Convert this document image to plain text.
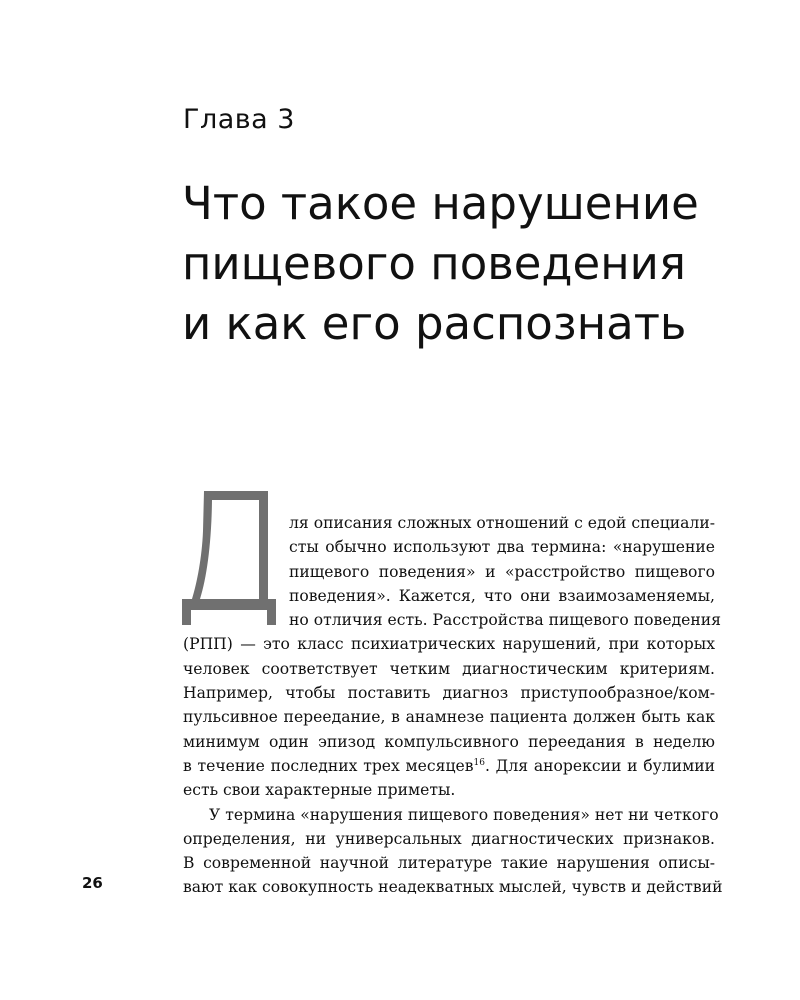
Глава 3
Что такое нарушение
пищевого поведения
и как его распознать
ля описания сложных отношений с едой специали-
сты обычно используют два термина: «нарушение
пищевого поведения» и «расстройство пищевого
поведения». Кажется, что они взаимозаменяемы,
но отличия есть. Расстройства пищевого поведения
(РПП) — это класс психиатрических нарушений, при которых
человек соответствует четким диагностическим критериям.
Например, чтобы поставить диагноз приступообразное/ком-
пульсивное переедание, в анамнезе пациента должен быть как
минимум один эпизод компульсивного переедания в неделю
в течение последних трех месяцев$^{16}$. Для анорексии и булимии
есть свои характерные приметы.
У термина «нарушения пищевого поведения» нет ни четкого
определения, ни универсальных диагностических признаков.
В современной научной литературе такие нарушения описы-
вают как совокупность неадекватных мыслей, чувств и действий
26
